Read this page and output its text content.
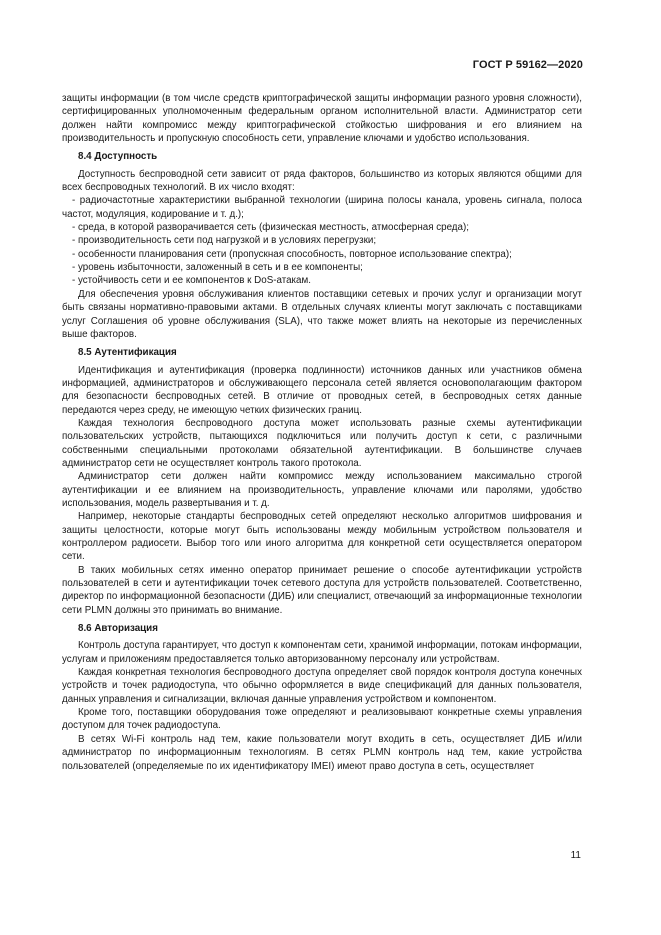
ГОСТ Р 59162—2020

защиты информации (в том числе средств криптографической защиты информации разного уровня сложности), сертифицированных уполномоченным федеральным органом исполнительной власти. Администратор сети должен найти компромисс между криптографической стойкостью шифрования и его влиянием на производительность и пропускную способность сети, управление ключами и удобство использования.

8.4 Доступность

Доступность беспроводной сети зависит от ряда факторов, большинство из которых являются общими для всех беспроводных технологий. В их число входят:

- радиочастотные характеристики выбранной технологии (ширина полосы канала, уровень сигнала, полоса частот, модуляция, кодирование и т. д.);

- среда, в которой разворачивается сеть (физическая местность, атмосферная среда);

- производительность сети под нагрузкой и в условиях перегрузки;

- особенности планирования сети (пропускная способность, повторное использование спектра);

- уровень избыточности, заложенный в сеть и в ее компоненты;

- устойчивость сети и ее компонентов к DoS-атакам.

Для обеспечения уровня обслуживания клиентов поставщики сетевых и прочих услуг и организации могут быть связаны нормативно-правовыми актами. В отдельных случаях клиенты могут заключать с поставщиками услуг Соглашения об уровне обслуживания (SLA), что также может влиять на некоторые из перечисленных выше факторов.

8.5 Аутентификация

Идентификация и аутентификация (проверка подлинности) источников данных или участников обмена информацией, администраторов и обслуживающего персонала сетей является основополагающим фактором для безопасности беспроводных сетей. В отличие от проводных сетей, в беспроводных сетях данные передаются через среду, не имеющую четких физических границ.

Каждая технология беспроводного доступа может использовать разные схемы аутентификации пользовательских устройств, пытающихся подключиться или получить доступ к сети, с различными собственными специальными протоколами обязательной аутентификации. В большинстве случаев администратор сети не осуществляет контроль такого протокола.

Администратор сети должен найти компромисс между использованием максимально строгой аутентификации и ее влиянием на производительность, управление ключами или паролями, удобство использования, модель развертывания и т. д.

Например, некоторые стандарты беспроводных сетей определяют несколько алгоритмов шифрования и защиты целостности, которые могут быть использованы между мобильным устройством пользователя и контроллером радиосети. Выбор того или иного алгоритма для конкретной сети осуществляется оператором сети.

В таких мобильных сетях именно оператор принимает решение о способе аутентификации устройств пользователей в сети и аутентификации точек сетевого доступа для устройств пользователей. Соответственно, директор по информационной безопасности (ДИБ) или специалист, отвечающий за информационные технологии сети PLMN должны это принимать во внимание.

8.6 Авторизация

Контроль доступа гарантирует, что доступ к компонентам сети, хранимой информации, потокам информации, услугам и приложениям предоставляется только авторизованному персоналу или устройствам.

Каждая конкретная технология беспроводного доступа определяет свой порядок контроля доступа конечных устройств и точек радиодоступа, что обычно оформляется в виде спецификаций для данных пользователя, данных управления и сигнализации, включая данные управления устройством и компонентом.

Кроме того, поставщики оборудования тоже определяют и реализовывают конкретные схемы управления доступом для точек радиодоступа.

В сетях Wi-Fi контроль над тем, какие пользователи могут входить в сеть, осуществляет ДИБ и/или администратор по информационным технологиям. В сетях PLMN контроль над тем, какие устройства пользователей (определяемые по их идентификатору IMEI) имеют право доступа в сеть, осуществляет

11
